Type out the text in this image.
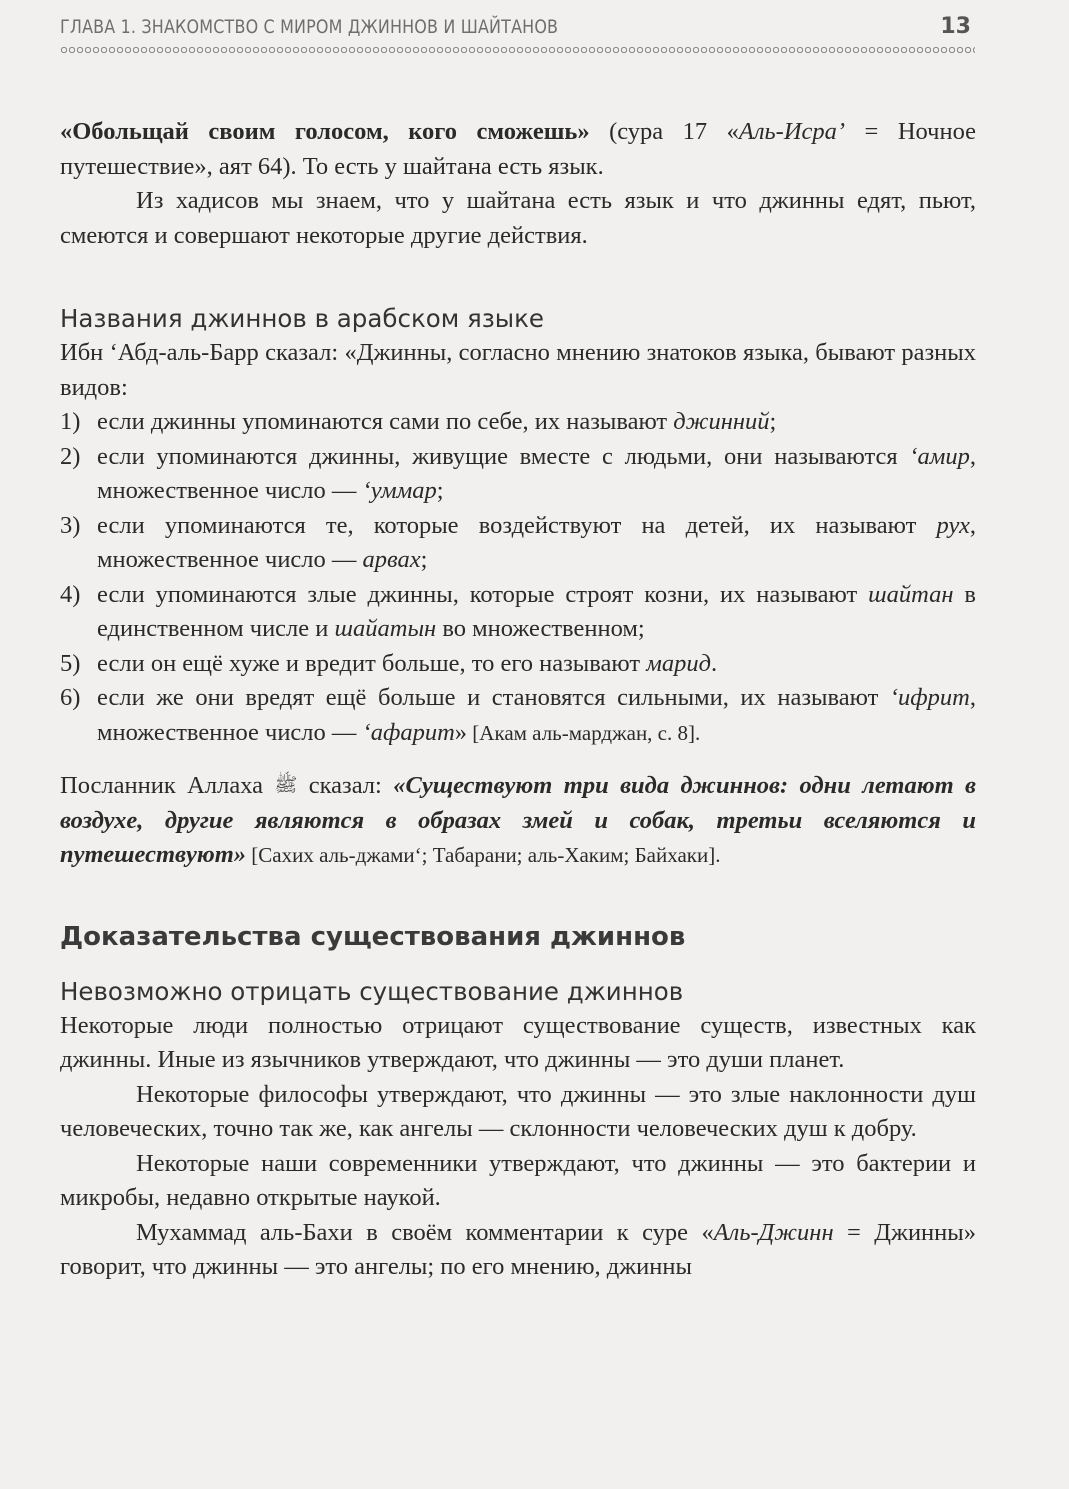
ГЛАВА 1. ЗНАКОМСТВО С МИРОМ ДЖИННОВ И ШАЙТАНОВ	13

«Обольщай своим голосом, кого сможешь» (сура 17 «Аль-Исра’ = Ночное путешествие», аят 64). То есть у шайтана есть язык.

Из хадисов мы знаем, что у шайтана есть язык и что джинны едят, пьют, смеются и совершают некоторые другие действия.

Названия джиннов в арабском языке

Ибн ‘Абд-аль-Барр сказал: «Джинны, согласно мнению знатоков языка, бывают разных видов:

1) если джинны упоминаются сами по себе, их называют джинний;
2) если упоминаются джинны, живущие вместе с людьми, они называются ‘амир, множественное число — ‘уммар;
3) если упоминаются те, которые воздействуют на детей, их называют рух, множественное число — арвах;
4) если упоминаются злые джинны, которые строят козни, их называют шайтан в единственном числе и шайатын во множественном;
5) если он ещё хуже и вредит больше, то его называют марид.
6) если же они вредят ещё больше и становятся сильными, их называют ‘ифрит, множественное число — ‘афарит» [Акам аль-марджан, с. 8].

Посланник Аллаха ﷺ сказал: «Существуют три вида джиннов: одни летают в воздухе, другие являются в образах змей и собак, третьи вселяются и путешествуют» [Сахих аль-джами‘; Табарани; аль-Хаким; Байхаки].

Доказательства существования джиннов
Невозможно отрицать существование джиннов

Некоторые люди полностью отрицают существование существ, известных как джинны. Иные из язычников утверждают, что джинны — это души планет.

Некоторые философы утверждают, что джинны — это злые наклонности душ человеческих, точно так же, как ангелы — склонности человеческих душ к добру.

Некоторые наши современники утверждают, что джинны — это бактерии и микробы, недавно открытые наукой.

Мухаммад аль-Бахи в своём комментарии к суре «Аль-Джинн = Джинны» говорит, что джинны — это ангелы; по его мнению, джинны
